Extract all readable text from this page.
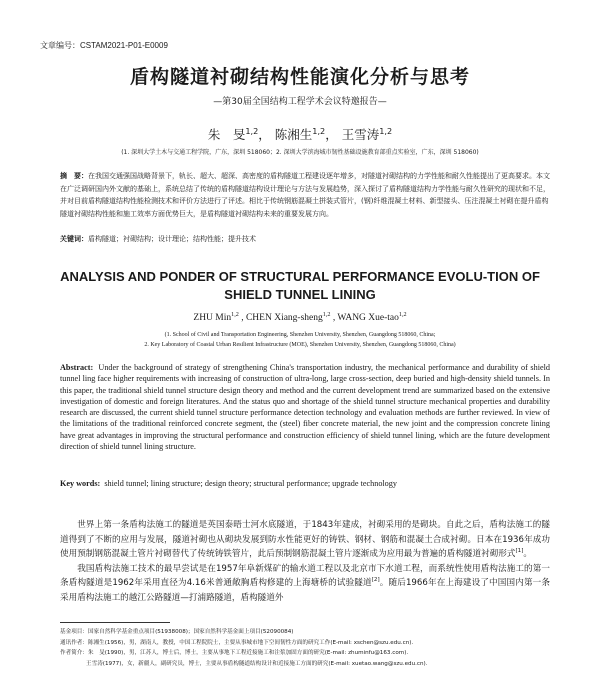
文章编号：CSTAM2021-P01-E0009
盾构隧道衬砌结构性能演化分析与思考
—第30届全国结构工程学术会议特邀报告—
朱　旻$^{1,2}$， 陈湘生$^{1,2}$， 王雪涛$^{1,2}$
(1. 深圳大学土木与交通工程学院，广东，深圳 518060；2. 深圳大学滨海城市韧性基础设施教育部重点实验室，广东，深圳 518060)
摘　要：在我国交通强国战略背景下，轨长、超大、超深、高密度的盾构隧道工程建设逐年增多，对隧道衬砌结构的力学性能和耐久性能提出了更高要求。本文在广泛调研国内外文献的基础上，系统总结了传统的盾构隧道结构设计理论与方法与发展趋势，深入探讨了盾构隧道结构力学性能与耐久性研究的现状和不足，并对目前盾构隧道结构性能检测技术和评价方法进行了评述。相比于传统钢筋混凝土拼装式管片，(钢)纤维混凝土材料、新型接头、压注混凝土衬砌在提升盾构隧道衬砌结构性能和施工效率方面优势巨大，是盾构隧道衬砌结构未来的重要发展方向。
关键词：盾构隧道；衬砌结构；设计理论；结构性能；提升技术
ANALYSIS AND PONDER OF STRUCTURAL PERFORMANCE EVOLU-TION OF SHIELD TUNNEL LINING
ZHU Min$^{1,2}$ , CHEN Xiang-sheng$^{1,2}$ , WANG Xue-tao$^{1,2}$
(1. School of Civil and Transportation Engineering, Shenzhen University, Shenzhen, Guangdong 518060, China;
2. Key Laboratory of Coastal Urban Resilient Infrastructure (MOE), Shenzhen University, Shenzhen, Guangdong 518060, China)
Abstract: Under the background of strategy of strengthening China's transportation industry, the mechanical performance and durability of shield tunnel ling face higher requirements with increasing of construction of ultra-long, large cross-section, deep buried and high-density shield tunnels. In this paper, the traditional shield tunnel structure design theory and method and the current development trend are summarized based on the extensive investigation of domestic and foreign literatures. And the status quo and shortage of the shield tunnel structure mechanical properties and durability research are discussed, the current shield tunnel structure performance detection technology and evaluation methods are further reviewed. In view of the limitations of the traditional reinforced concrete segment, the (steel) fiber concrete material, the new joint and the compression concrete lining have great advantages in improving the structural performance and construction efficiency of shield tunnel lining, which are the future development direction of shield tunnel lining structure.
Key words: shield tunnel; lining structure; design theory; structural performance; upgrade technology

世界上第一条盾构法施工的隧道是英国泰晤士河水底隧道，于1843年建成，衬砌采用的是砌块。自此之后，盾构法施工的隧道得到了不断的应用与发展，隧道衬砌也从砌块发展到防水性能更好的铸铁、钢材、钢筋和混凝土合成衬砌。日本在1936年成功使用预制钢筋混凝土管片衬砌替代了传统铸铁管片，此后预制钢筋混凝土管片逐渐成为应用最为普遍的盾构隧道衬砌形式[1]。

我国盾构法施工技术的最早尝试是在1957年阜新煤矿的输水道工程以及北京市下水道工程，而系统性使用盾构法施工的第一条盾构隧道是1962年采用直径为4.16米普通敞胸盾构修建的上海塘桥的试验隧道[2]。随后1966年在上海建设了中国国内第一条采用盾构法施工的越江公路隧道—打浦路隧道，盾构隧道外

基金项目：国家自然科学基金重点项目(51938008)；国家自然科学基金面上项目(52090084)
通讯作者：陈湘生(1956)，男，湖南人，教授，中国工程院院士，主要从事城市地下空间韧性方面的研究工作(E-mail: xschen@szu.edu.cn).
作者简介：朱　旻(1990)，男，江苏人，博士后，博士，主要从事地下工程近接施工和注浆加固方面的研究(E-mail: zhuminfu@163.com).
王雪涛(1977)，女，新疆人，副研究员，博士，主要从事盾构隧道结构设计和近接施工方面的研究(E-mail: xuetao.wang@szu.edu.cn).
